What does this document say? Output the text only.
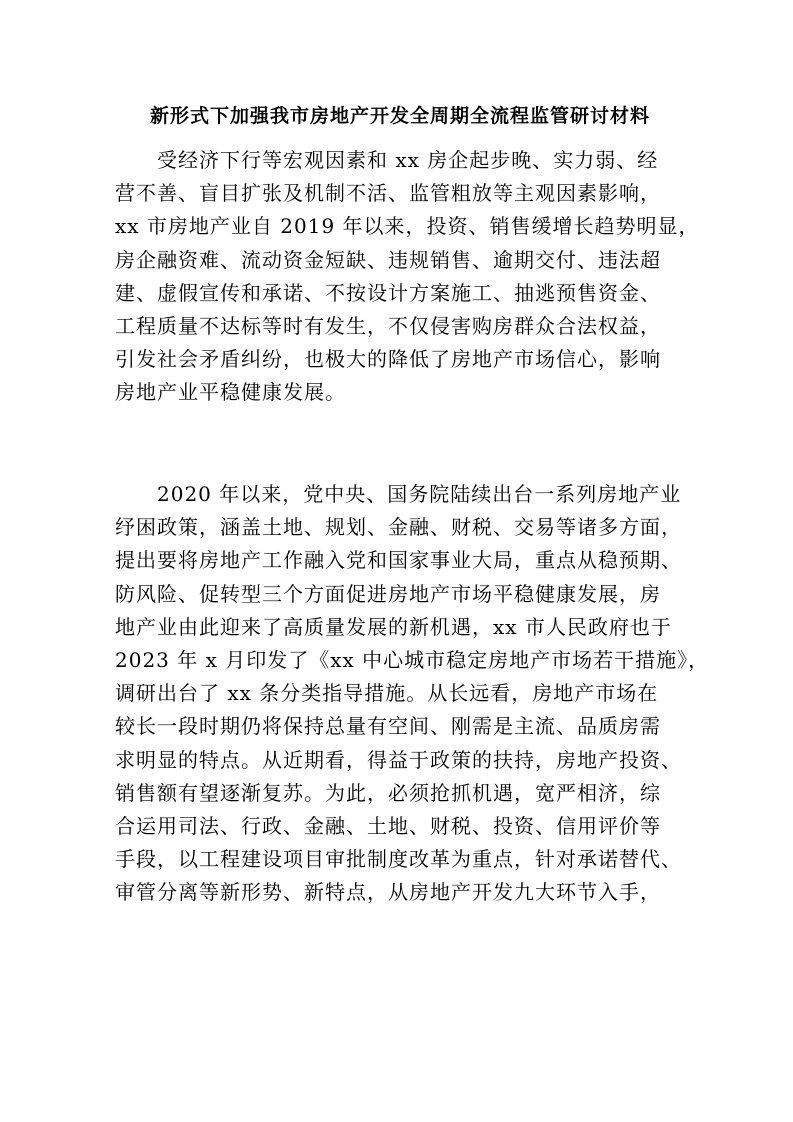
新形式下加强我市房地产开发全周期全流程监管研讨材料
受经济下行等宏观因素和 xx 房企起步晚、实力弱、经
营不善、盲目扩张及机制不活、监管粗放等主观因素影响，
xx 市房地产业自 2019 年以来，投资、销售缓增长趋势明显，
房企融资难、流动资金短缺、违规销售、逾期交付、违法超
建、虚假宣传和承诺、不按设计方案施工、抽逃预售资金、
工程质量不达标等时有发生，不仅侵害购房群众合法权益，
引发社会矛盾纠纷，也极大的降低了房地产市场信心，影响
房地产业平稳健康发展。
2020 年以来，党中央、国务院陆续出台一系列房地产业
纾困政策，涵盖土地、规划、金融、财税、交易等诸多方面，
提出要将房地产工作融入党和国家事业大局，重点从稳预期、
防风险、促转型三个方面促进房地产市场平稳健康发展，房
地产业由此迎来了高质量发展的新机遇，xx 市人民政府也于
2023 年 x 月印发了《xx 中心城市稳定房地产市场若干措施》，
调研出台了 xx 条分类指导措施。从长远看，房地产市场在
较长一段时期仍将保持总量有空间、刚需是主流、品质房需
求明显的特点。从近期看，得益于政策的扶持，房地产投资、
销售额有望逐渐复苏。为此，必须抢抓机遇，宽严相济，综
合运用司法、行政、金融、土地、财税、投资、信用评价等
手段，以工程建设项目审批制度改革为重点，针对承诺替代、
审管分离等新形势、新特点，从房地产开发九大环节入手，
